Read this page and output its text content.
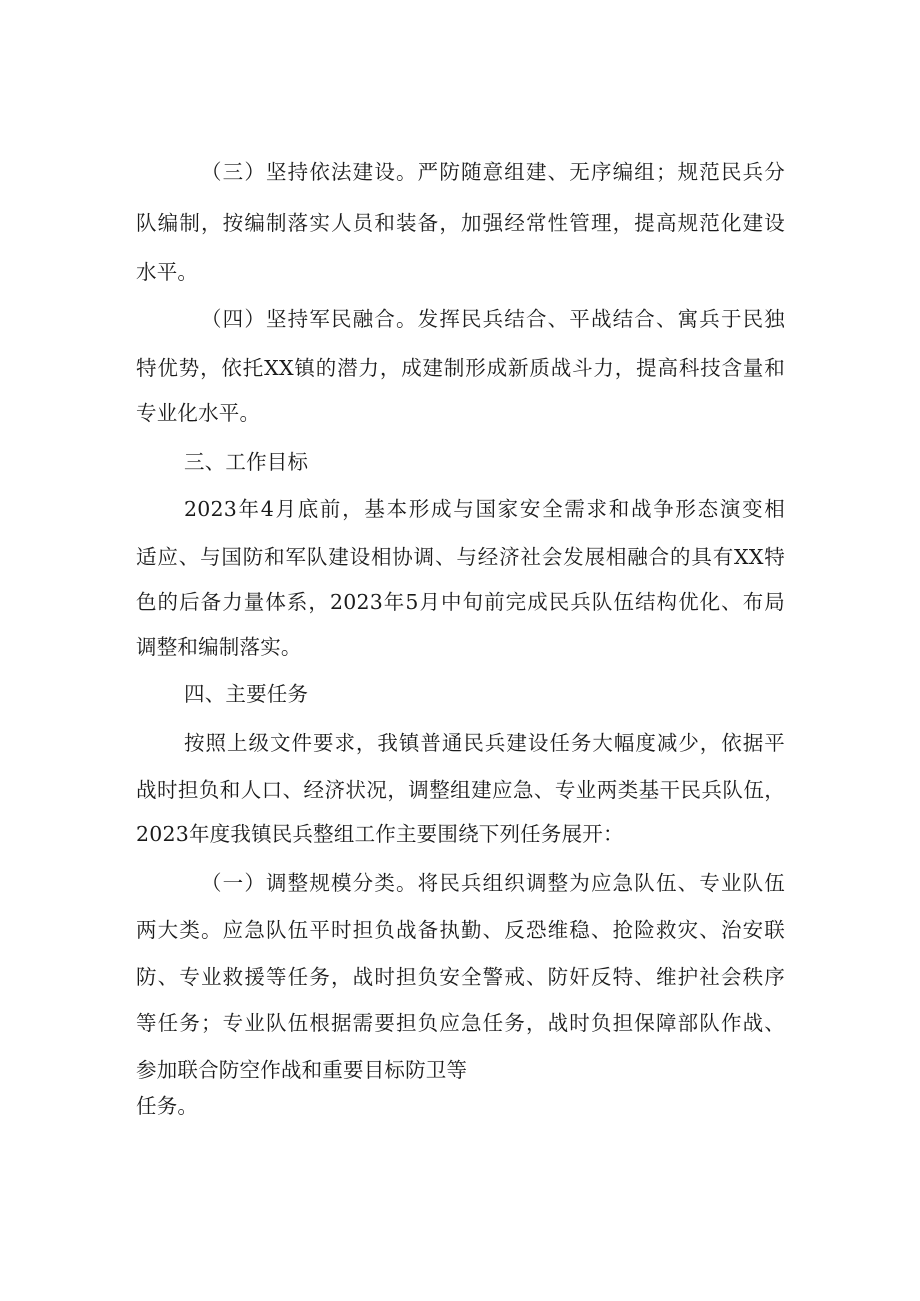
（三）坚持依法建设。严防随意组建、无序编组；规范民兵分
队编制，按编制落实人员和装备，加强经常性管理，提高规范化建设
水平。
（四）坚持军民融合。发挥民兵结合、平战结合、寓兵于民独
特优势，依托XX镇的潜力，成建制形成新质战斗力，提高科技含量和
专业化水平。
三、工作目标
2023年4月底前，基本形成与国家安全需求和战争形态演变相
适应、与国防和军队建设相协调、与经济社会发展相融合的具有XX特
色的后备力量体系，2023年5月中旬前完成民兵队伍结构优化、布局
调整和编制落实。
四、主要任务
按照上级文件要求，我镇普通民兵建设任务大幅度减少，依据平
战时担负和人口、经济状况，调整组建应急、专业两类基干民兵队伍，
2023年度我镇民兵整组工作主要围绕下列任务展开：
（一）调整规模分类。将民兵组织调整为应急队伍、专业队伍
两大类。应急队伍平时担负战备执勤、反恐维稳、抢险救灾、治安联
防、专业救援等任务，战时担负安全警戒、防奸反特、维护社会秩序
等任务；专业队伍根据需要担负应急任务，战时负担保障部队作战、
参加联合防空作战和重要目标防卫等
任务。
